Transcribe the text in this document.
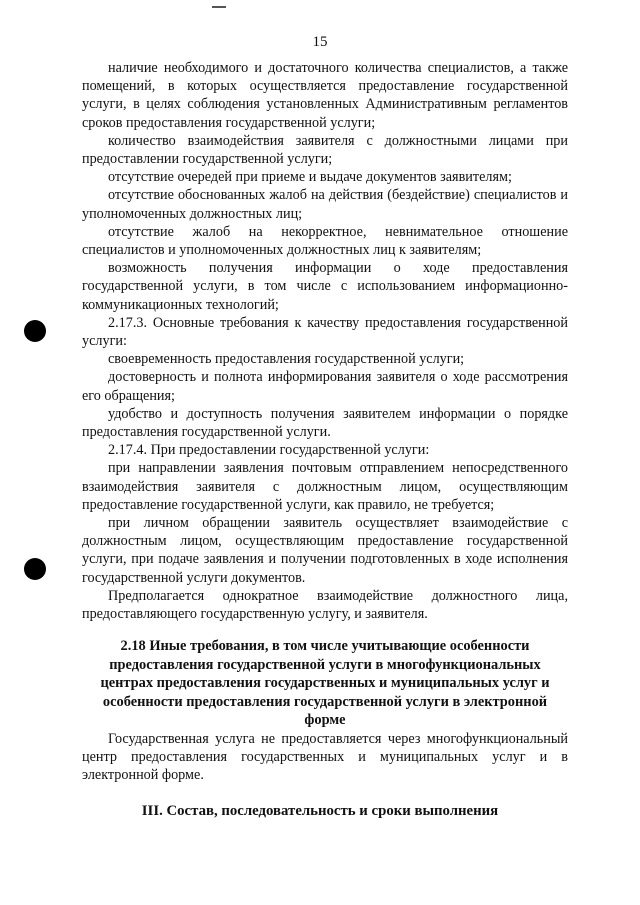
15

наличие необходимого и достаточного количества специалистов, а также помещений, в которых осуществляется предоставление государственной услуги, в целях соблюдения установленных Административным регламентов сроков предоставления государственной услуги;

количество взаимодействия заявителя с должностными лицами при предоставлении государственной услуги;

отсутствие очередей при приеме и выдаче документов заявителям;

отсутствие обоснованных жалоб на действия (бездействие) специалистов и уполномоченных должностных лиц;

отсутствие жалоб на некорректное, невнимательное отношение специалистов и уполномоченных должностных лиц к заявителям;

возможность получения информации о ходе предоставления государственной услуги, в том числе с использованием информационно-коммуникационных технологий;

2.17.3. Основные требования к качеству предоставления государственной услуги:

своевременность предоставления государственной услуги;

достоверность и полнота информирования заявителя о ходе рассмотрения его обращения;

удобство и доступность получения заявителем информации о порядке предоставления государственной услуги.

2.17.4. При предоставлении государственной услуги:

при направлении заявления почтовым отправлением непосредственного взаимодействия заявителя с должностным лицом, осуществляющим предоставление государственной услуги, как правило, не требуется;

при личном обращении заявитель осуществляет взаимодействие с должностным лицом, осуществляющим предоставление государственной услуги, при подаче заявления и получении подготовленных в ходе исполнения государственной услуги документов.

Предполагается однократное взаимодействие должностного лица, предоставляющего государственную услугу, и заявителя.

2.18 Иные требования, в том числе учитывающие особенности предоставления государственной услуги в многофункциональных центрах предоставления государственных и муниципальных услуг и особенности предоставления государственной услуги в электронной форме

Государственная услуга не предоставляется через многофункциональный центр предоставления государственных и муниципальных услуг и в электронной форме.

III. Состав, последовательность и сроки выполнения
